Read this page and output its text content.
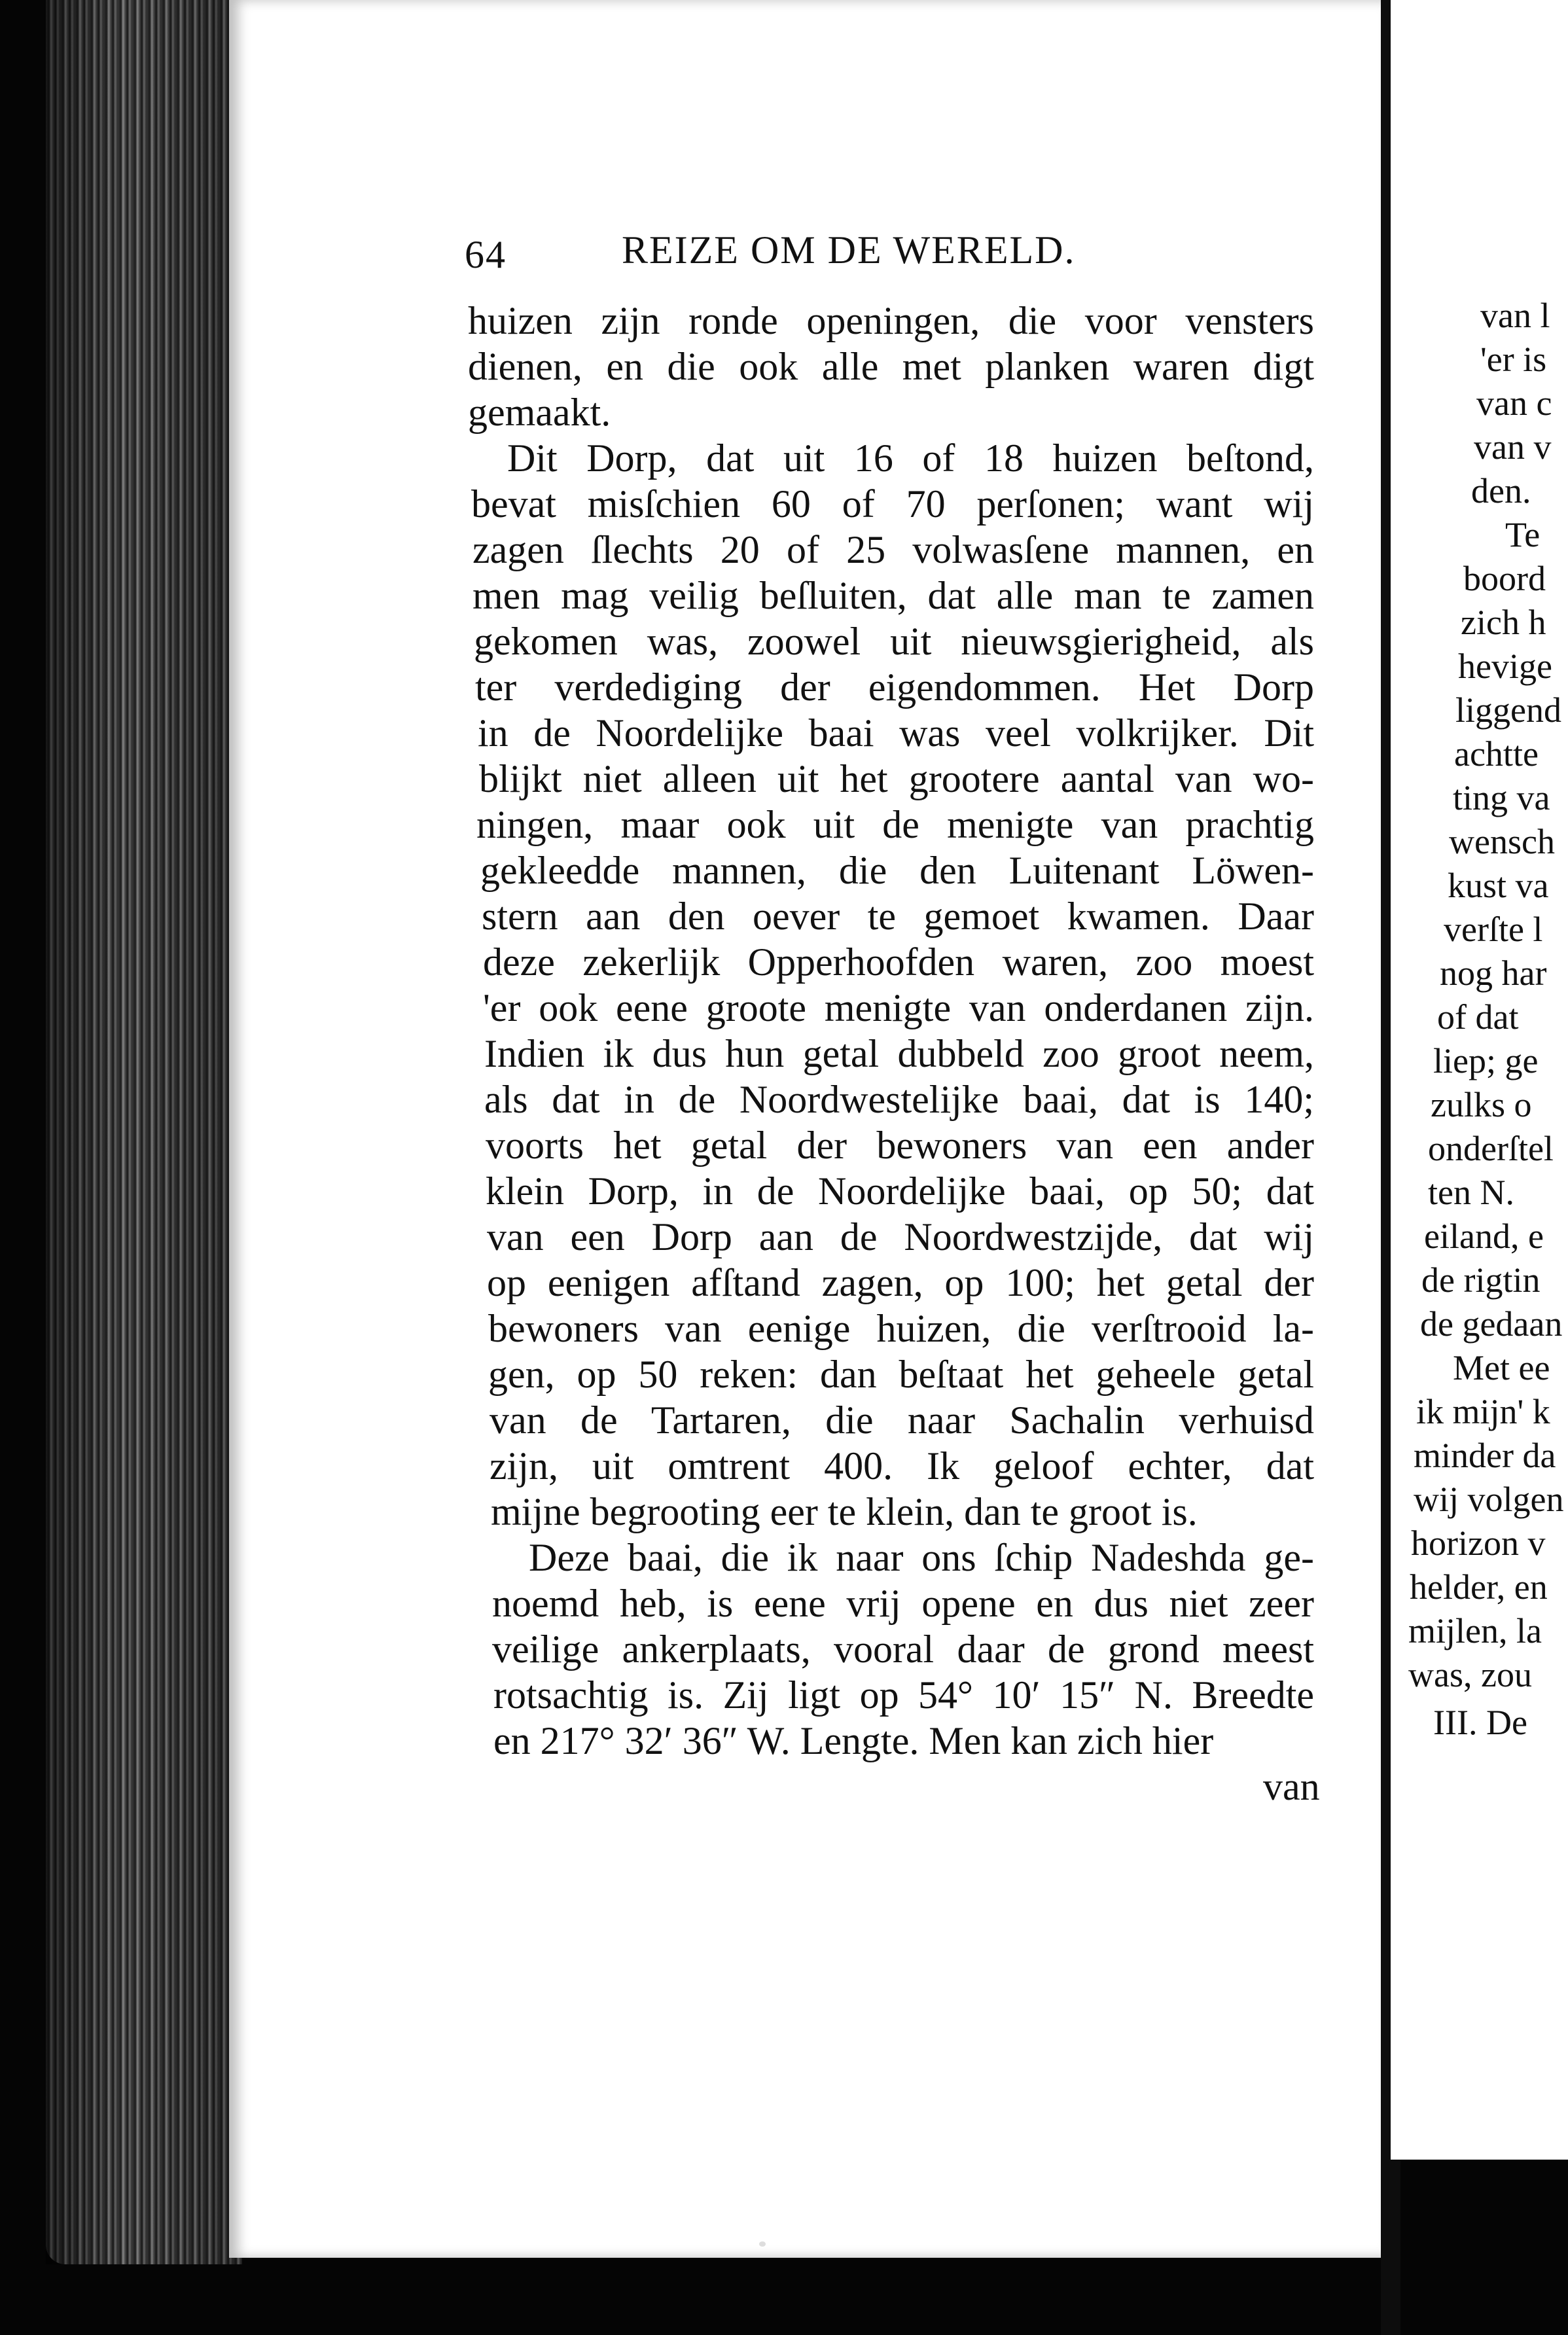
64	REIZE OM DE WERELD.
huizen zijn ronde openingen, die voor vensters
dienen, en die ook alle met planken waren digt
gemaakt.
Dit Dorp, dat uit 16 of 18 huizen beſtond,
bevat misſchien 60 of 70 perſonen; want wij
zagen ſlechts 20 of 25 volwasſene mannen, en
men mag veilig beſluiten, dat alle man te zamen
gekomen was, zoowel uit nieuwsgierigheid, als
ter verdediging der eigendommen. Het Dorp
in de Noordelijke baai was veel volkrijker. Dit
blijkt niet alleen uit het grootere aantal van wo-
ningen, maar ook uit de menigte van prachtig
gekleedde mannen, die den Luitenant Löwen-
stern aan den oever te gemoet kwamen. Daar
deze zekerlijk Opperhoofden waren, zoo moest
'er ook eene groote menigte van onderdanen zijn.
Indien ik dus hun getal dubbeld zoo groot neem,
als dat in de Noordwestelijke baai, dat is 140;
voorts het getal der bewoners van een ander
klein Dorp, in de Noordelijke baai, op 50; dat
van een Dorp aan de Noordwestzijde, dat wij
op eenigen afſtand zagen, op 100; het getal der
bewoners van eenige huizen, die verſtrooid la-
gen, op 50 reken: dan beſtaat het geheele getal
van de Tartaren, die naar Sachalin verhuisd
zijn, uit omtrent 400. Ik geloof echter, dat
mijne begrooting eer te klein, dan te groot is.
Deze baai, die ik naar ons ſchip Nadeshda ge-
noemd heb, is eene vrij opene en dus niet zeer
veilige ankerplaats, vooral daar de grond meest
rotsachtig is. Zij ligt op 54° 10′ 15″ N. Breedte
en 217° 32′ 36″ W. Lengte. Men kan zich hier
van
van l
'er is
van c
van v
den.
Te
boord
zich h
hevige
liggend
achtte
ting va
wensch
kust va
verſte l
nog har
of dat
liep; ge
zulks o
onderſtel
ten N.
eiland, e
de rigtin
de gedaan
Met ee
ik mijn' k
minder da
wij volgen
horizon v
helder, en
mijlen, la
was, zou
III. De
